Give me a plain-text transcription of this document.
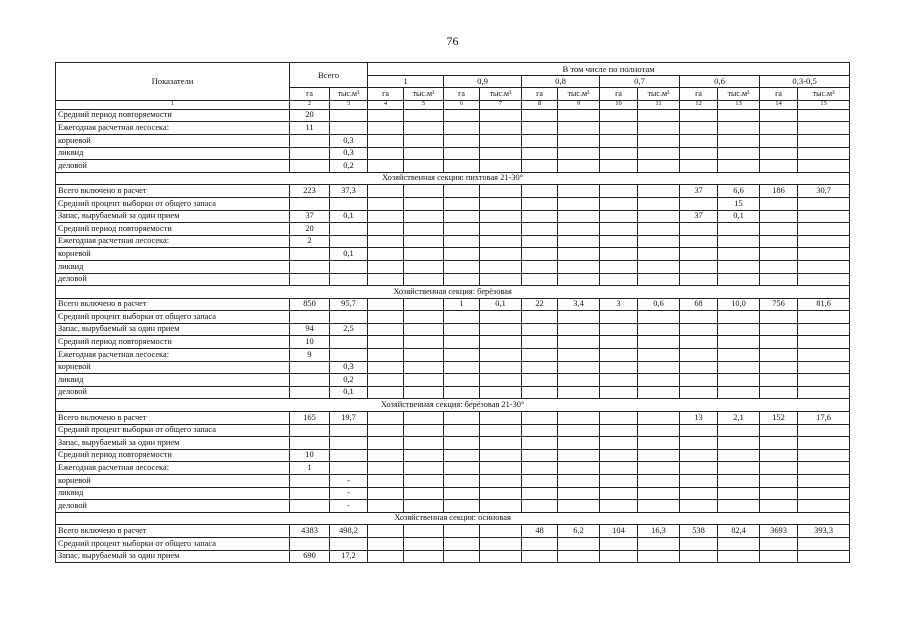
76
Показатели	Всего		В том числе по полнотам											
			1		0,9		0,8		0,7		0,6		0,3-0,5	
	га	тыс.м³	га	тыс.м³	га	тыс.м³	га	тыс.м³	га	тыс.м³	га	тыс.м³	га	тыс.м³
1	2	3	4	5	6	7	8	9	10	11	12	13	14	15
Средний период повторяемости	20													
Ежегодная расчетная лесосека:	11													
корневой		0,3												
ликвид		0,3												
деловой		0,2												
Хозяйственная секция: пихтовая 21-30°														
Всего включено в расчет	223	37,3									37	6,6	186	30,7
Средний процент выборки от общего запаса												15		
Запас, вырубаемый за один прием	37	0,1									37	0,1		
Средний период повторяемости	20													
Ежегодная расчетная лесосека:	2													
корневой		0,1												
ликвид														
деловой														
Хозяйственная секция: берёзовая														
Всего включено в расчет	850	95,7			1	0,1	22	3,4	3	0,6	68	10,0	756	81,6
Средний процент выборки от общего запаса														
Запас, вырубаемый за один прием	94	2,5												
Средний период повторяемости	10													
Ежегодная расчетная лесосека:	9													
корневой		0,3												
ликвид		0,2												
деловой		0,1												
Хозяйственная секция: берёзовая 21-30°														
Всего включено в расчет	165	19,7									13	2,1	152	17,6
Средний процент выборки от общего запаса														
Запас, вырубаемый за один прием														
Средний период повторяемости	10													
Ежегодная расчетная лесосека:	1													
корневой		-												
ликвид		-												
деловой		-												
Хозяйственная секция: осиновая														
Всего включено в расчет	4383	498,2					48	6,2	104	16,3	538	82,4	3693	393,3
Средний процент выборки от общего запаса														
Запас, вырубаемый за один прием	690	17,2												
